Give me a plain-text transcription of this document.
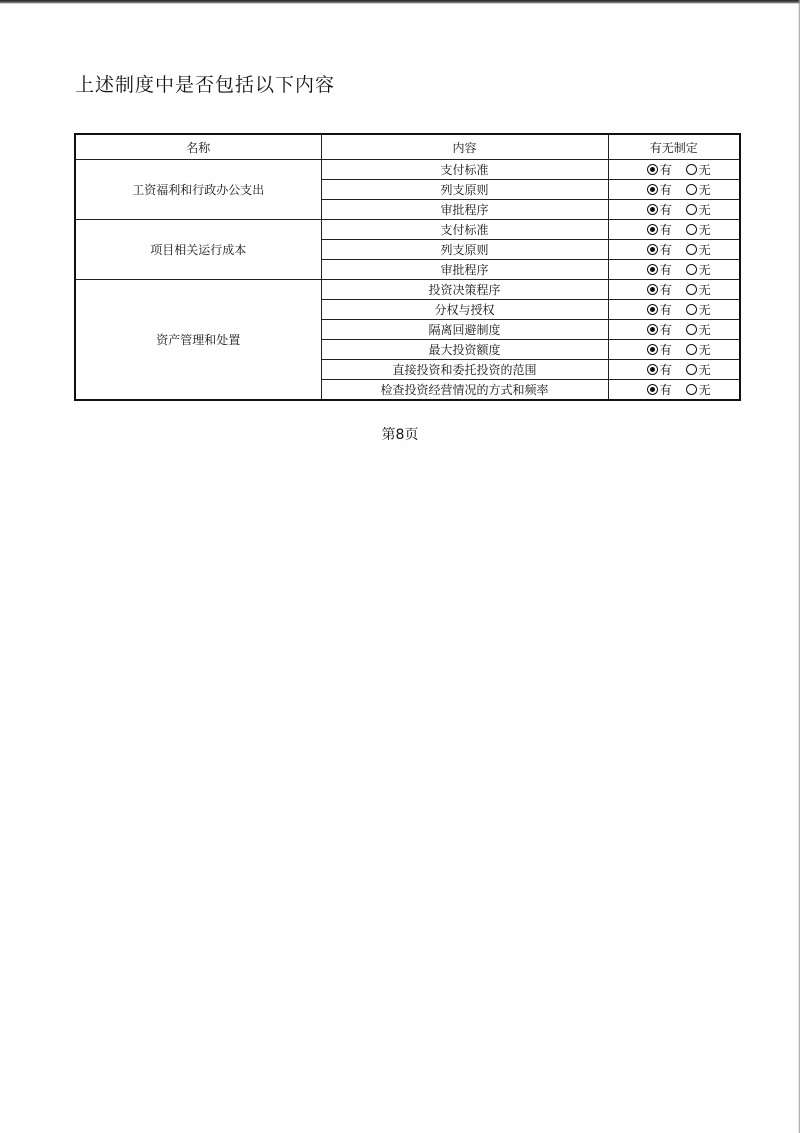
上述制度中是否包括以下内容
名称	内容	有无制定
工资福利和行政办公支出	支付标准	有 无

	列支原则	有 无

	审批程序	有 无

项目相关运行成本	支付标准	有 无

	列支原则	有 无

	审批程序	有 无

资产管理和处置	投资决策程序	有 无

	分权与授权	有 无

	隔离回避制度	有 无

	最大投资额度	有 无

	直接投资和委托投资的范围	有 无

	检查投资经营情况的方式和频率	有 无
第8页
